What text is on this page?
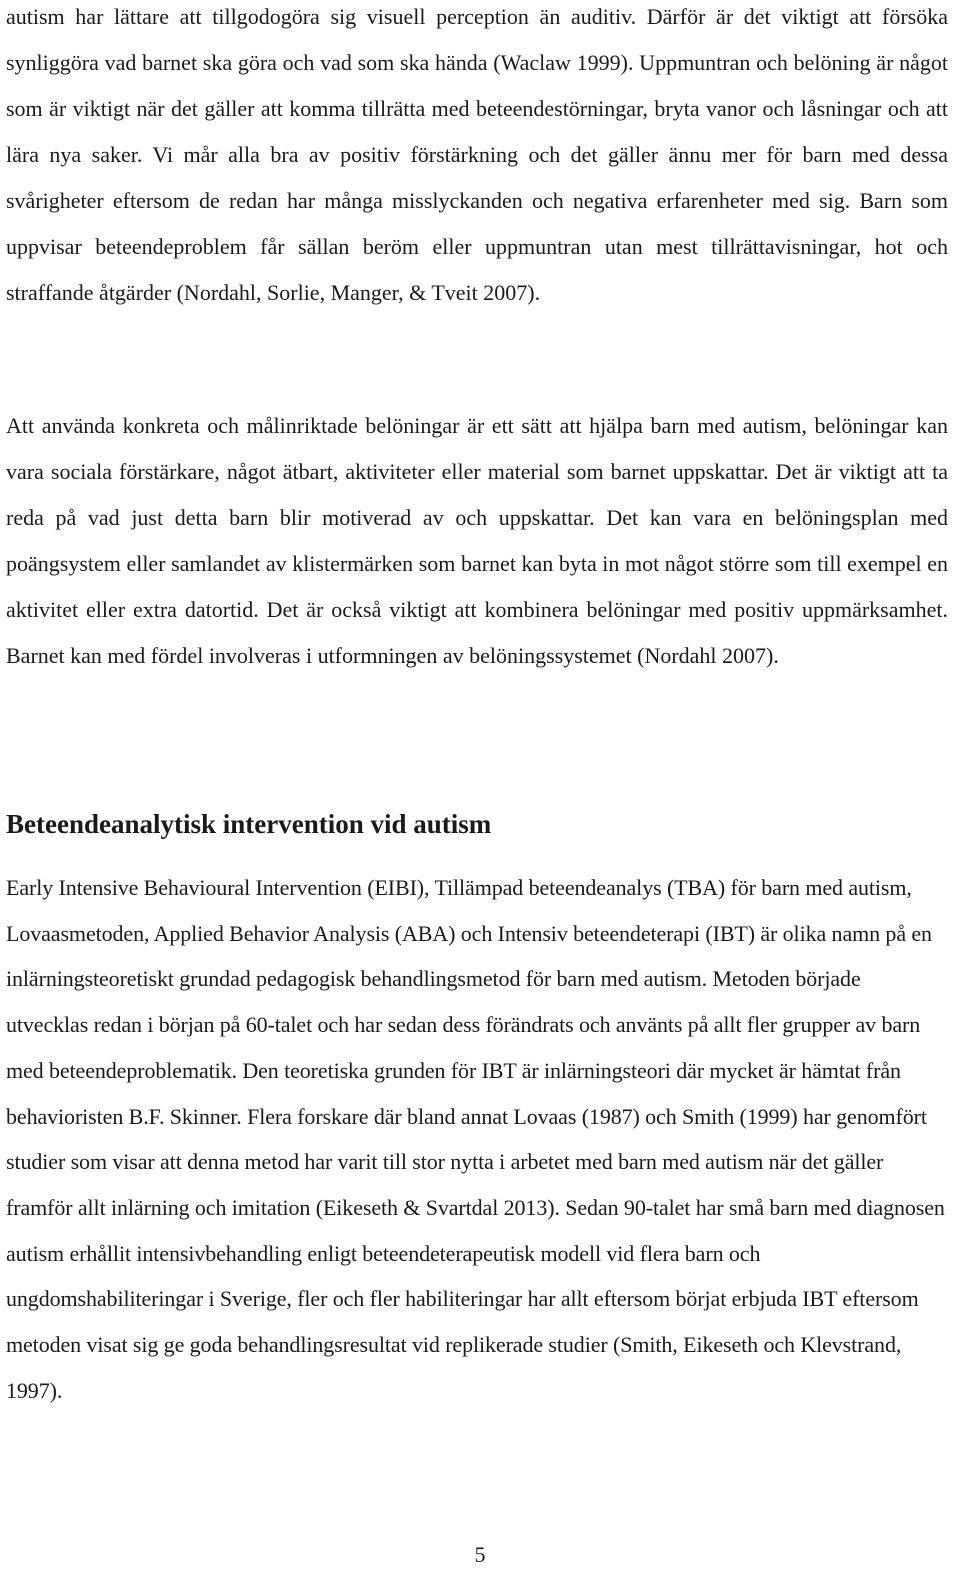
autism har lättare att tillgodogöra sig visuell perception än auditiv. Därför är det viktigt att försöka synliggöra vad barnet ska göra och vad som ska hända (Waclaw 1999). Uppmuntran och belöning är något som är viktigt när det gäller att komma tillrätta med beteendestörningar, bryta vanor och låsningar och att lära nya saker. Vi mår alla bra av positiv förstärkning och det gäller ännu mer för barn med dessa svårigheter eftersom de redan har många misslyckanden och negativa erfarenheter med sig. Barn som uppvisar beteendeproblem får sällan beröm eller uppmuntran utan mest tillrättavisningar, hot och straffande åtgärder (Nordahl, Sorlie, Manger, & Tveit 2007).

Att använda konkreta och målinriktade belöningar är ett sätt att hjälpa barn med autism, belöningar kan vara sociala förstärkare, något ätbart, aktiviteter eller material som barnet uppskattar. Det är viktigt att ta reda på vad just detta barn blir motiverad av och uppskattar. Det kan vara en belöningsplan med poängsystem eller samlandet av klistermärken som barnet kan byta in mot något större som till exempel en aktivitet eller extra datortid. Det är också viktigt att kombinera belöningar med positiv uppmärksamhet. Barnet kan med fördel involveras i utformningen av belöningssystemet (Nordahl 2007).

Beteendeanalytisk intervention vid autism

Early Intensive Behavioural Intervention (EIBI), Tillämpad beteendeanalys (TBA) för barn med autism, Lovaasmetoden, Applied Behavior Analysis (ABA) och Intensiv beteendeterapi (IBT) är olika namn på en inlärningsteoretiskt grundad pedagogisk behandlingsmetod för barn med autism. Metoden började utvecklas redan i början på 60-talet och har sedan dess förändrats och använts på allt fler grupper av barn med beteendeproblematik. Den teoretiska grunden för IBT är inlärningsteori där mycket är hämtat från behavioristen B.F. Skinner. Flera forskare där bland annat Lovaas (1987) och Smith (1999) har genomfört studier som visar att denna metod har varit till stor nytta i arbetet med barn med autism när det gäller framför allt inlärning och imitation (Eikeseth & Svartdal 2013). Sedan 90-talet har små barn med diagnosen autism erhållit intensivbehandling enligt beteendeterapeutisk modell vid flera barn och ungdomshabiliteringar i Sverige, fler och fler habiliteringar har allt eftersom börjat erbjuda IBT eftersom metoden visat sig ge goda behandlingsresultat vid replikerade studier (Smith, Eikeseth och Klevstrand, 1997).

5
